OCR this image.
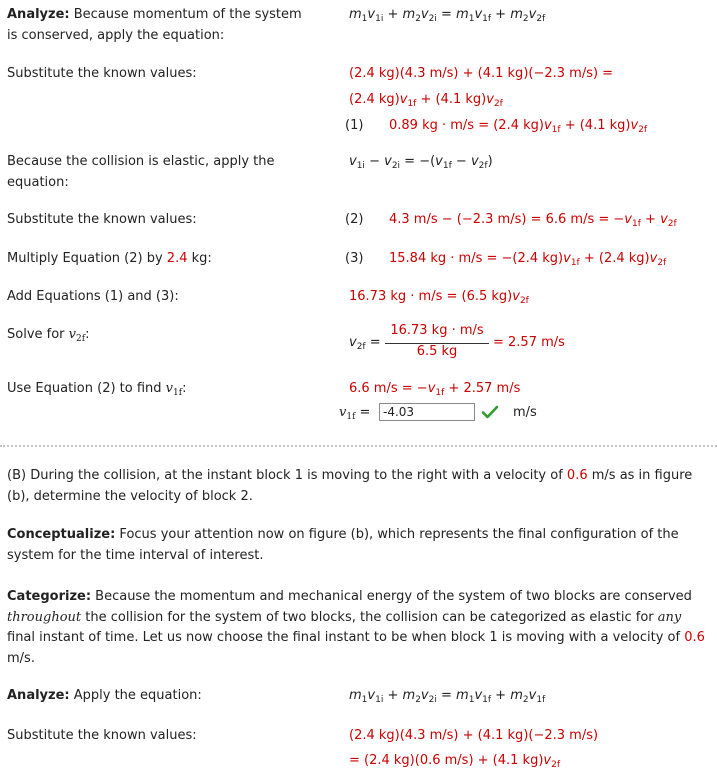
Analyze: Because momentum of the system is conserved, apply the equation:
$m_1v_{1i} + m_2v_{2i} = m_1v_{1f} + m_2v_{2f}$
Substitute the known values:	(2.4 kg)(4.3 m/s) + (4.1 kg)(−2.3 m/s) =
(2.4 $kg)v_{1f} + (4.1$ $kg)v_{2f}$
(1) 0.89 kg · m/s = (2.4 $kg)v_{1f} + (4.1$ $kg)v_{2f}$
Because the collision is elastic, apply the equation:
$v_{1i} - v_{2i} = -(v_{1f} - v_{2f})$
Substitute the known values:	(2) 4.3 m/s − (−2.3 m/s) = 6.6 $m/s = -v_{1f} + v_{2f}$
Multiply Equation (2) by 2.4 kg:	(3) 15.84 kg · m/s = −(2.4 $kg)v_{1f} + (2.4$ $kg)v_{2f}$
Add Equations (1) and (3):	16.73 kg · m/s = (6.5 $kg)v_{2f}$
Solve for $v_{2f}$:
$v_{2f}$ =
16.73 kg · m/s
6.5 kg
= 2.57 m/s
Use Equation (2) to find $v_{1f}$:	6.6 $m/s = -v_{1f} + 2.57$ m/s
$v_{1f}$ =
-4.03	m/s
(B) During the collision, at the instant block 1 is moving to the right with a velocity of 0.6 m/s as in figure (b), determine the velocity of block 2.
Conceptualize: Focus your attention now on figure (b), which represents the final configuration of the system for the time interval of interest.
Categorize: Because the momentum and mechanical energy of the system of two blocks are conserved throughout the collision for the system of two blocks, the collision can be categorized as elastic for any final instant of time. Let us now choose the final instant to be when block 1 is moving with a velocity of 0.6 m/s.
Analyze: Apply the equation:	$m_1v_{1i} + m_2v_{2i} = m_1v_{1f} + m_2v_{1f}$
Substitute the known values:	(2.4 kg)(4.3 m/s) + (4.1 kg)(−2.3 m/s)
= (2.4 kg)(0.6 m/s) + (4.1 $kg)v_{2f}$
